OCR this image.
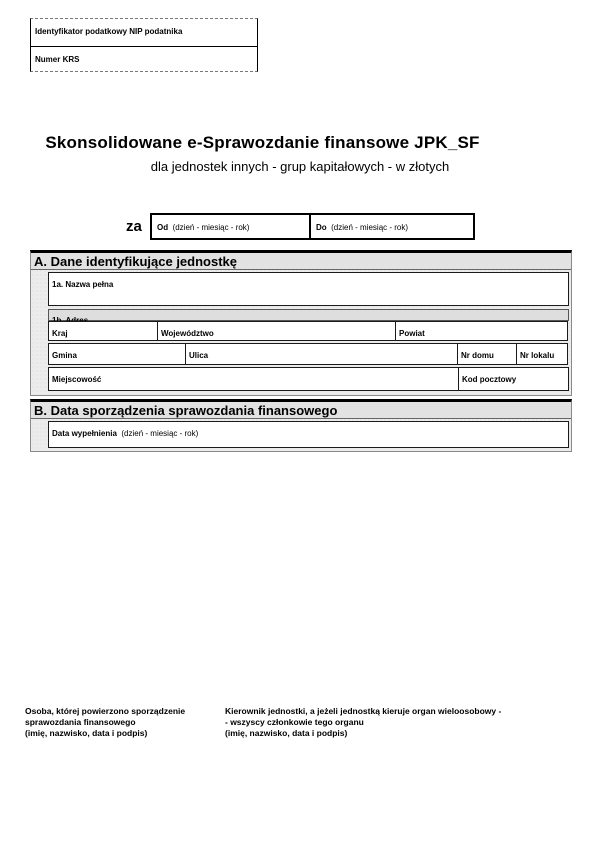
Identyfikator podatkowy NIP podatnika
Numer KRS
Skonsolidowane e-Sprawozdanie finansowe JPK_SF
dla jednostek innych - grup kapitałowych - w złotych
za	Od (dzień - miesiąc - rok)	Do (dzień - miesiąc - rok)
A. Dane identyfikujące jednostkę
1a. Nazwa pełna
Kraj	Województwo	Powiat
Gmina	Ulica	Nr domu	Nr lokalu
Miejscowość	Kod pocztowy
B. Data sporządzenia sprawozdania finansowego
Data wypełnienia (dzień - miesiąc - rok)
Osoba, której powierzono sporządzenie
sprawozdania finansowego
(imię, nazwisko, data i podpis)
Kierownik jednostki, a jeżeli jednostką kieruje organ wieloosobowy -
- wszyscy członkowie tego organu
(imię, nazwisko, data i podpis)
